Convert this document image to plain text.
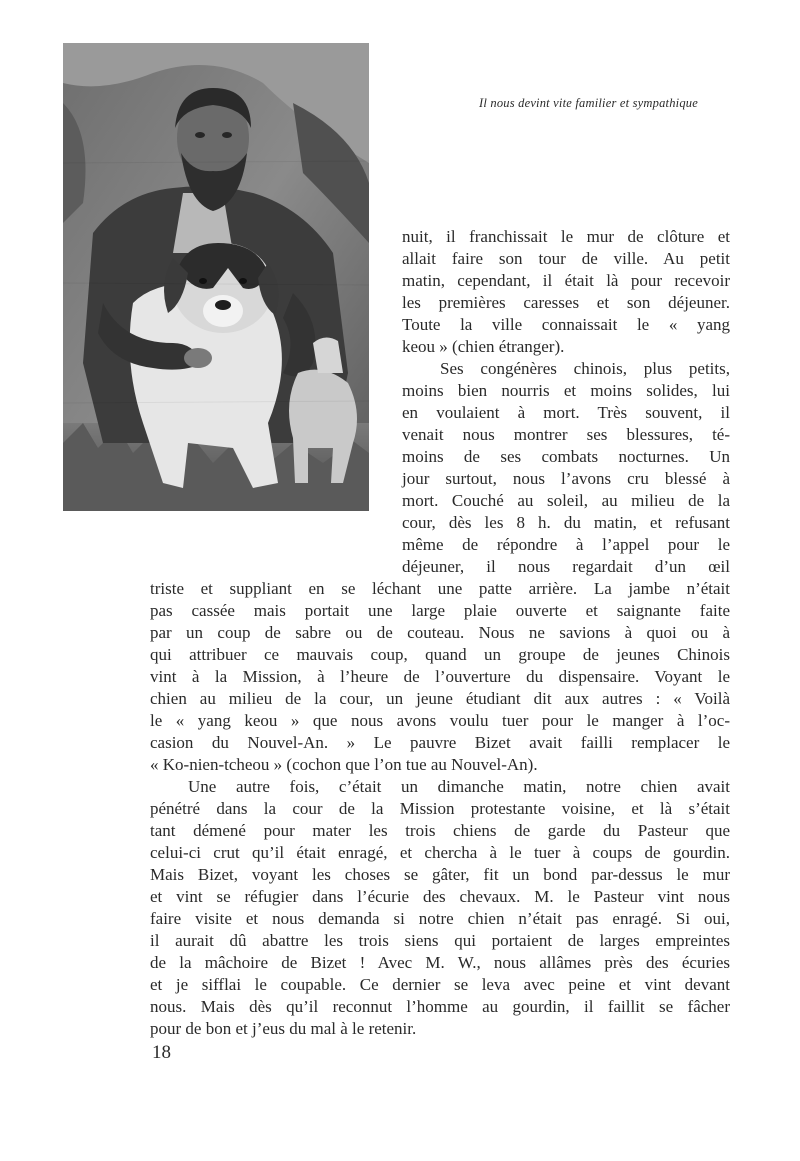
Il nous devint vite familier et sympathique
nuit, il franchissait le mur de clôture et
allait faire son tour de ville. Au petit
matin, cependant, il était là pour recevoir
les premières caresses et son déjeuner.
Toute la ville connaissait le « yang
keou » (chien étranger).
Ses congénères chinois, plus petits,
moins bien nourris et moins solides, lui
en voulaient à mort. Très souvent, il
venait nous montrer ses blessures, té-
moins de ses combats nocturnes. Un
jour surtout, nous l’avons cru blessé à
mort. Couché au soleil, au milieu de la
cour, dès les 8 h. du matin, et refusant
même de répondre à l’appel pour le
déjeuner, il nous regardait d’un œil
triste et suppliant en se léchant une patte arrière. La jambe n’était
pas cassée mais portait une large plaie ouverte et saignante faite
par un coup de sabre ou de couteau. Nous ne savions à quoi ou à
qui attribuer ce mauvais coup, quand un groupe de jeunes Chinois
vint à la Mission, à l’heure de l’ouverture du dispensaire. Voyant le
chien au milieu de la cour, un jeune étudiant dit aux autres : « Voilà
le « yang keou » que nous avons voulu tuer pour le manger à l’oc-
casion du Nouvel-An. » Le pauvre Bizet avait failli remplacer le
« Ko-nien-tcheou » (cochon que l’on tue au Nouvel-An).
Une autre fois, c’était un dimanche matin, notre chien avait
pénétré dans la cour de la Mission protestante voisine, et là s’était
tant démené pour mater les trois chiens de garde du Pasteur que
celui-ci crut qu’il était enragé, et chercha à le tuer à coups de gourdin.
Mais Bizet, voyant les choses se gâter, fit un bond par-dessus le mur
et vint se réfugier dans l’écurie des chevaux. M. le Pasteur vint nous
faire visite et nous demanda si notre chien n’était pas enragé. Si oui,
il aurait dû abattre les trois siens qui portaient de larges empreintes
de la mâchoire de Bizet ! Avec M. W., nous allâmes près des écuries
et je sifflai le coupable. Ce dernier se leva avec peine et vint devant
nous. Mais dès qu’il reconnut l’homme au gourdin, il faillit se fâcher
pour de bon et j’eus du mal à le retenir.
18
